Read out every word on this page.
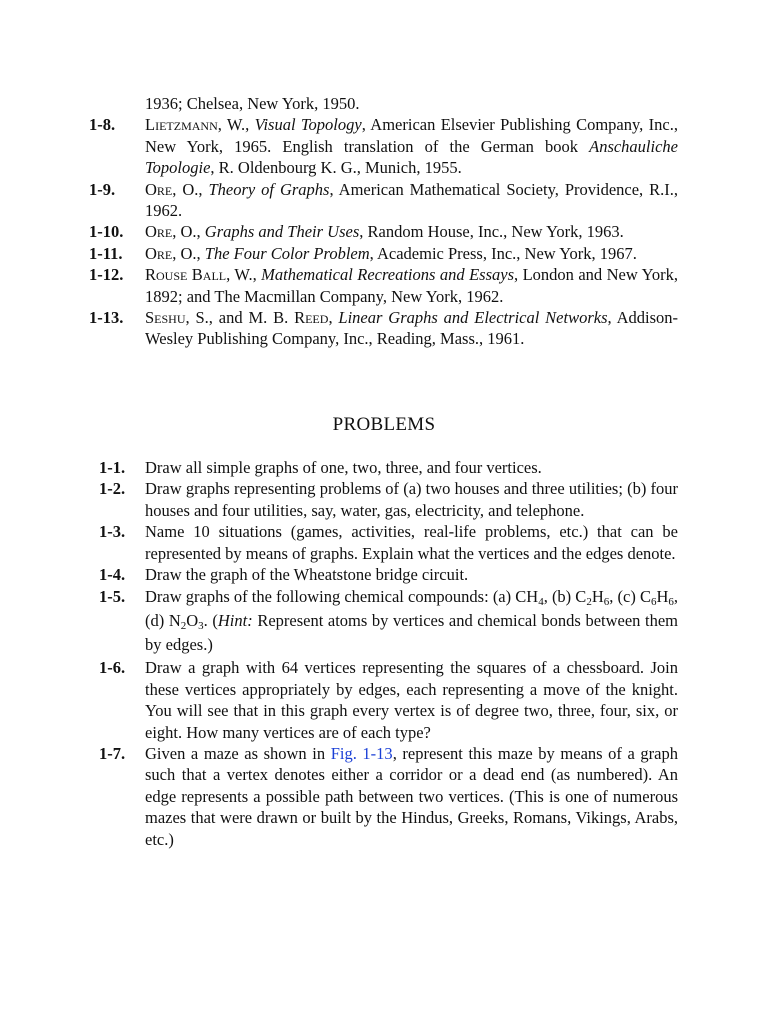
1936; Chelsea, New York, 1950.
1-8.	Lietzmann, W., Visual Topology, American Elsevier Publishing Company, Inc., New York, 1965. English translation of the German book Anschauliche Topologie, R. Oldenbourg K. G., Munich, 1955.
1-9.	Ore, O., Theory of Graphs, American Mathematical Society, Providence, R.I., 1962.
1-10.	Ore, O., Graphs and Their Uses, Random House, Inc., New York, 1963.
1-11.	Ore, O., The Four Color Problem, Academic Press, Inc., New York, 1967.
1-12.	Rouse Ball, W., Mathematical Recreations and Essays, London and New York, 1892; and The Macmillan Company, New York, 1962.
1-13.	Seshu, S., and M. B. Reed, Linear Graphs and Electrical Networks, Addison-Wesley Publishing Company, Inc., Reading, Mass., 1961.
PROBLEMS
1-1.	Draw all simple graphs of one, two, three, and four vertices.
1-2.	Draw graphs representing problems of (a) two houses and three utilities; (b) four houses and four utilities, say, water, gas, electricity, and telephone.
1-3.	Name 10 situations (games, activities, real-life problems, etc.) that can be represented by means of graphs. Explain what the vertices and the edges denote.
1-4.	Draw the graph of the Wheatstone bridge circuit.
1-5.	Draw graphs of the following chemical compounds: (a) $CH_4$, (b) $C_2H_6$, (c) $C_6H_6$, (d) $N_2O_3$. (Hint: Represent atoms by vertices and chemical bonds between them by edges.)
1-6.	Draw a graph with 64 vertices representing the squares of a chessboard. Join these vertices appropriately by edges, each representing a move of the knight. You will see that in this graph every vertex is of degree two, three, four, six, or eight. How many vertices are of each type?
1-7.	Given a maze as shown in Fig. 1-13, represent this maze by means of a graph such that a vertex denotes either a corridor or a dead end (as numbered). An edge represents a possible path between two vertices. (This is one of numerous mazes that were drawn or built by the Hindus, Greeks, Romans, Vikings, Arabs, etc.)
